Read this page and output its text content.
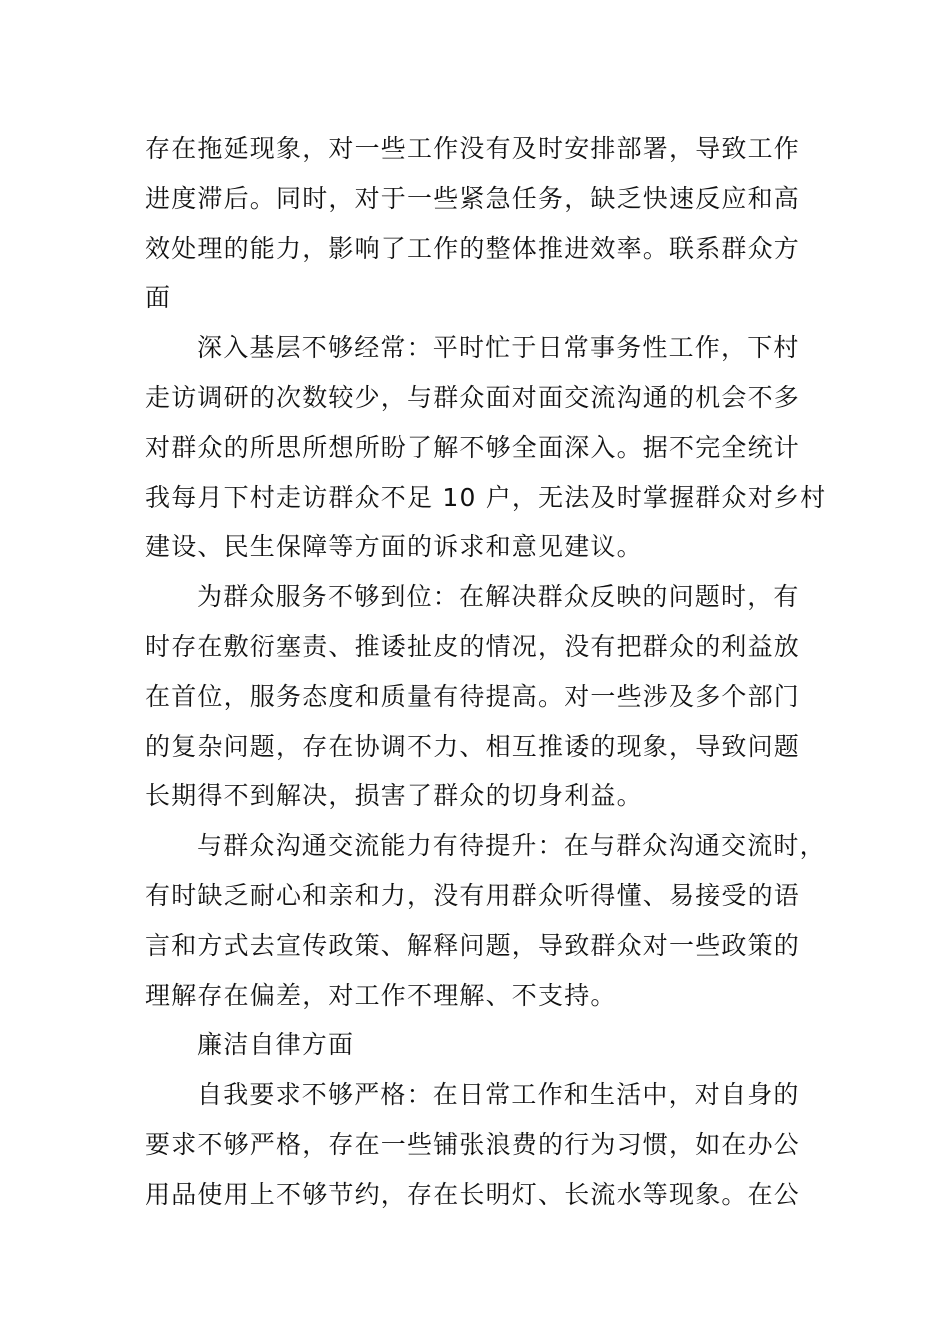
存在拖延现象，对一些工作没有及时安排部署，导致工作
进度滞后。同时，对于一些紧急任务，缺乏快速反应和高
效处理的能力，影响了工作的整体推进效率。联系群众方
面
深入基层不够经常：平时忙于日常事务性工作，下村
走访调研的次数较少，与群众面对面交流沟通的机会不多
对群众的所思所想所盼了解不够全面深入。据不完全统计
我每月下村走访群众不足 10 户，无法及时掌握群众对乡村
建设、民生保障等方面的诉求和意见建议。
为群众服务不够到位：在解决群众反映的问题时，有
时存在敷衍塞责、推诿扯皮的情况，没有把群众的利益放
在首位，服务态度和质量有待提高。对一些涉及多个部门
的复杂问题，存在协调不力、相互推诿的现象，导致问题
长期得不到解决，损害了群众的切身利益。
与群众沟通交流能力有待提升：在与群众沟通交流时，
有时缺乏耐心和亲和力，没有用群众听得懂、易接受的语
言和方式去宣传政策、解释问题，导致群众对一些政策的
理解存在偏差，对工作不理解、不支持。
廉洁自律方面
自我要求不够严格：在日常工作和生活中，对自身的
要求不够严格，存在一些铺张浪费的行为习惯，如在办公
用品使用上不够节约，存在长明灯、长流水等现象。在公
